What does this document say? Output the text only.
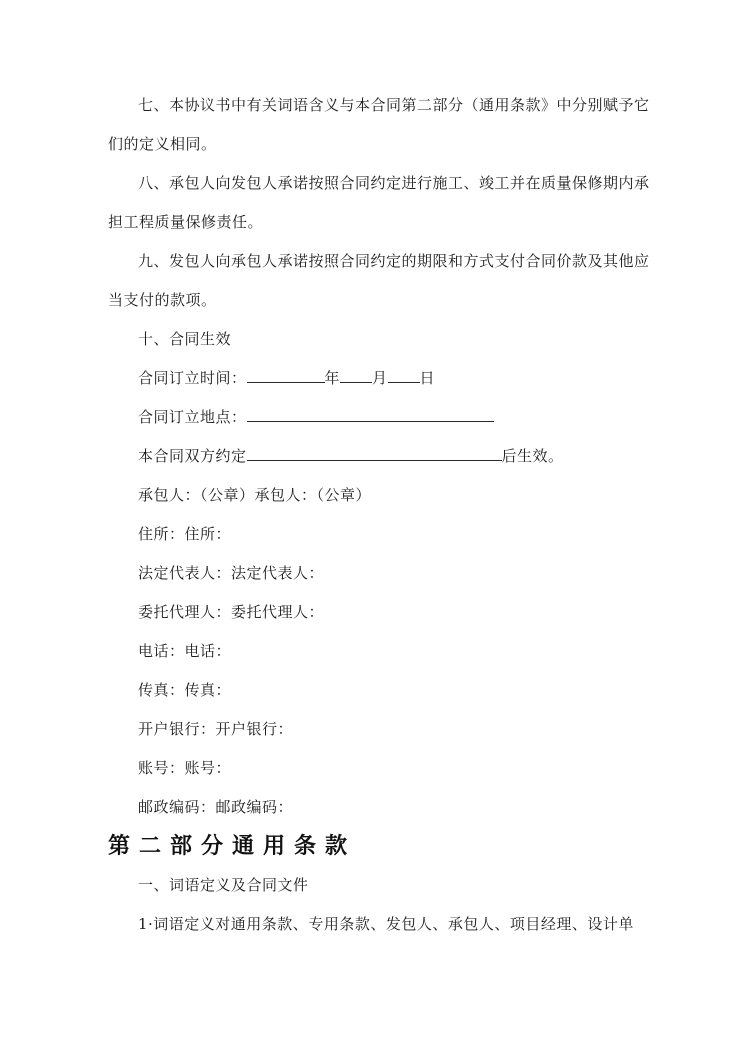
七、本协议书中有关词语含义与本合同第二部分（通用条款》中分别赋予它
们的定义相同。
八、承包人向发包人承诺按照合同约定进行施工、竣工并在质量保修期内承
担工程质量保修责任。
九、发包人向承包人承诺按照合同约定的期限和方式支付合同价款及其他应
当支付的款项。
十、合同生效
合同订立时间：	年 月 日
合同订立地点：
本合同双方约定	后生效。
承包人：（公章）承包人：（公章）
住所：住所：
法定代表人：法定代表人：
委托代理人：委托代理人：
电话：电话：
传真：传真：
开户银行：开户银行：
账号：账号：
邮政编码：邮政编码：
第二部分通用条款
一、词语定义及合同文件
1·词语定义对通用条款、专用条款、发包人、承包人、项目经理、设计单
